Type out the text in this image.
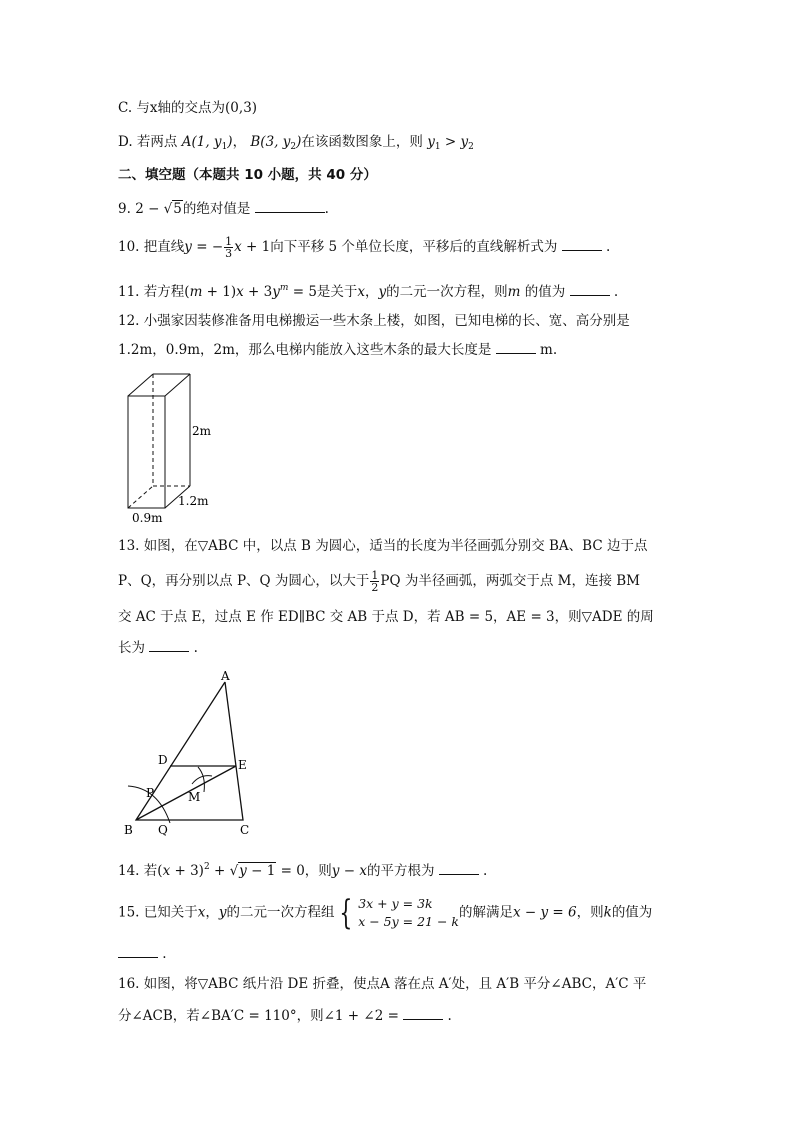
C. 与x轴的交点为(0,3)
D. 若两点 A(1, $y_1$)， B(3, $y_2$)在该函数图象上，则 $y_1 > y_2$
二、填空题（本题共 10 小题，共 40 分）
9. 2 − √5的绝对值是	.
10. 把直线y = − $\frac{1}{3}$ x + 1向下平移 5 个单位长度，平移后的直线解析式为	.
11. 若方程$(m + 1)x + 3y^m = 5$是关于x，y的二元一次方程，则m 的值为	.
12. 小强家因装修准备用电梯搬运一些木条上楼，如图，已知电梯的长、宽、高分别是
1.2m，0.9m，2m，那么电梯内能放入这些木条的最大长度是	m.
2m
1.2m
0.9m
13. 如图，在▽ABC 中，以点 B 为圆心，适当的长度为半径画弧分别交 BA、BC 边于点
P、Q，再分别以点 P、Q 为圆心，以大于 $\frac{1}{2}$ PQ 为半径画弧，两弧交于点 M，连接 BM
交 AC 于点 E，过点 E 作 ED∥BC 交 AB 于点 D，若 AB = 5，AE = 3，则▽ADE 的周
长为	.
A
B	C
D	E
M
P
Q
14. 若$(x + 3)^2 + √y - 1 = 0$，则y − x的平方根为	.
15. 已知关于x，y的二元一次方程组 { 3x + y = 3k
x − 5y = 21 − k
的解满足x − y = 6，则k的值为
.
16. 如图，将▽ABC 纸片沿 DE 折叠，使点A 落在点 A′处，且 A′B 平分∠ABC，A′C 平
分∠ACB，若∠BA′C = 110°，则∠1 + ∠2 =	.
